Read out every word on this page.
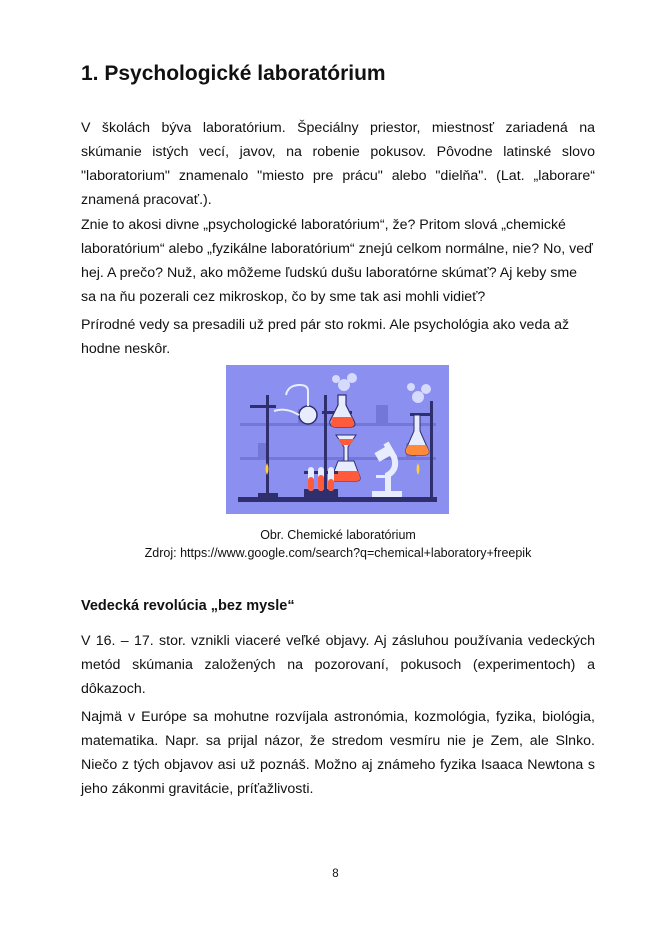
1. Psychologické laboratórium

V školách býva laboratórium. Špeciálny priestor, miestnosť zariadená na skúmanie istých vecí, javov, na robenie pokusov. Pôvodne latinské slovo "laboratorium" znamenalo "miesto pre prácu" alebo "dielňa". (Lat. „laborare“ znamená pracovať.).

Znie to akosi divne „psychologické laboratórium“, že? Pritom slová „chemické laboratórium“ alebo „fyzikálne laboratórium“ znejú celkom normálne, nie? No, veď hej. A prečo? Nuž, ako môžeme ľudskú dušu laboratórne skúmať? Aj keby sme sa na ňu pozerali cez mikroskop, čo by sme tak asi mohli vidieť?

Prírodné vedy sa presadili už pred pár sto rokmi. Ale psychológia ako veda až hodne neskôr.

Obr. Chemické laboratórium
Zdroj: https://www.google.com/search?q=chemical+laboratory+freepik
Vedecká revolúcia „bez mysle“

V 16. – 17. stor. vznikli viaceré veľké objavy. Aj zásluhou používania vedeckých metód skúmania založených na pozorovaní, pokusoch (experimentoch) a dôkazoch.

Najmä v Európe sa mohutne rozvíjala astronómia, kozmológia, fyzika, biológia, matematika. Napr. sa prijal názor, že stredom vesmíru nie je Zem, ale Slnko. Niečo z tých objavov asi už poznáš. Možno aj známeho fyzika Isaaca Newtona s jeho zákonmi gravitácie, príťažlivosti.

8
